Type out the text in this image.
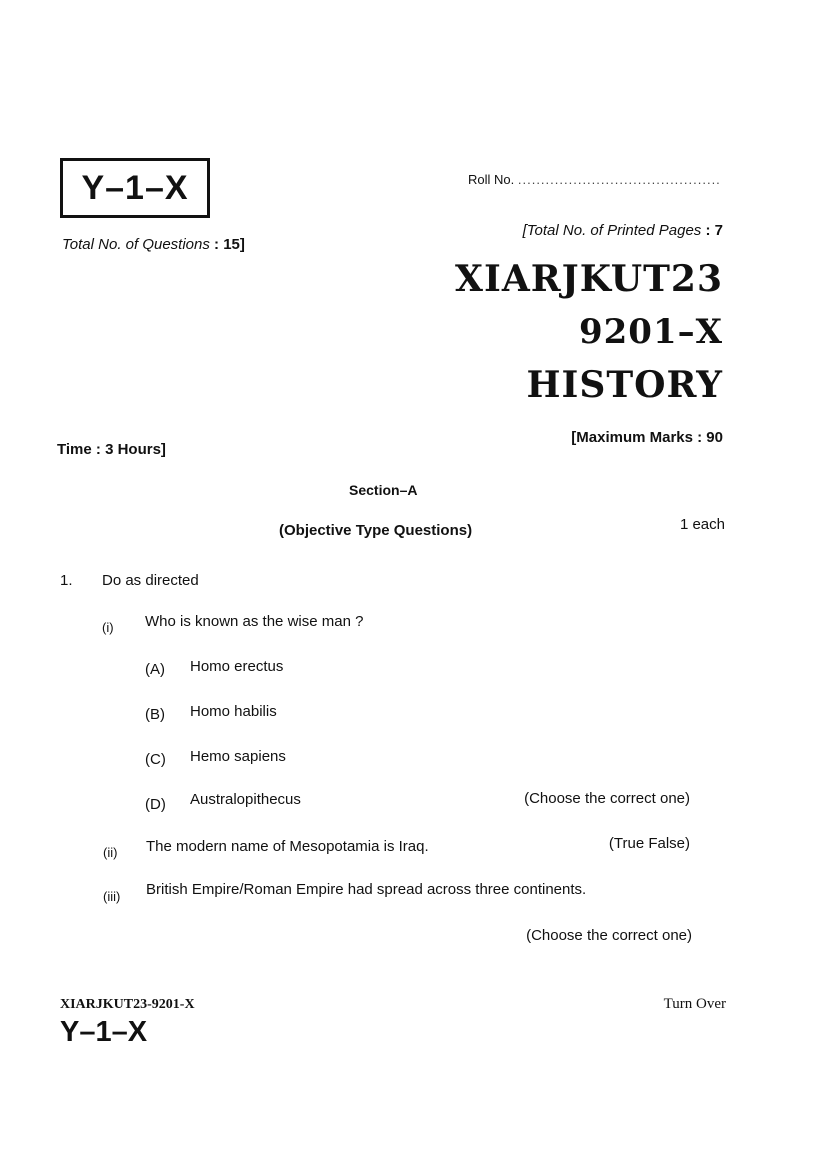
Y–1–X	Roll No. ............................................
Total No. of Questions : 15]
[Total No. of Printed Pages : 7
XIARJKUT23
9201–X
HISTORY
Time : 3 Hours]
[Maximum Marks : 90
Section–A
(Objective Type Questions)	1 each
1. Do as directed
(i) Who is known as the wise man ?
(A) Homo erectus
(B) Homo habilis
(C) Hemo sapiens
(D) Australopithecus	(Choose the correct one)
(ii) The modern name of Mesopotamia is Iraq.	(True False)
(iii) British Empire/Roman Empire had spread across three continents.
(Choose the correct one)
XIARJKUT23-9201-X
Y–1–X
Turn Over
